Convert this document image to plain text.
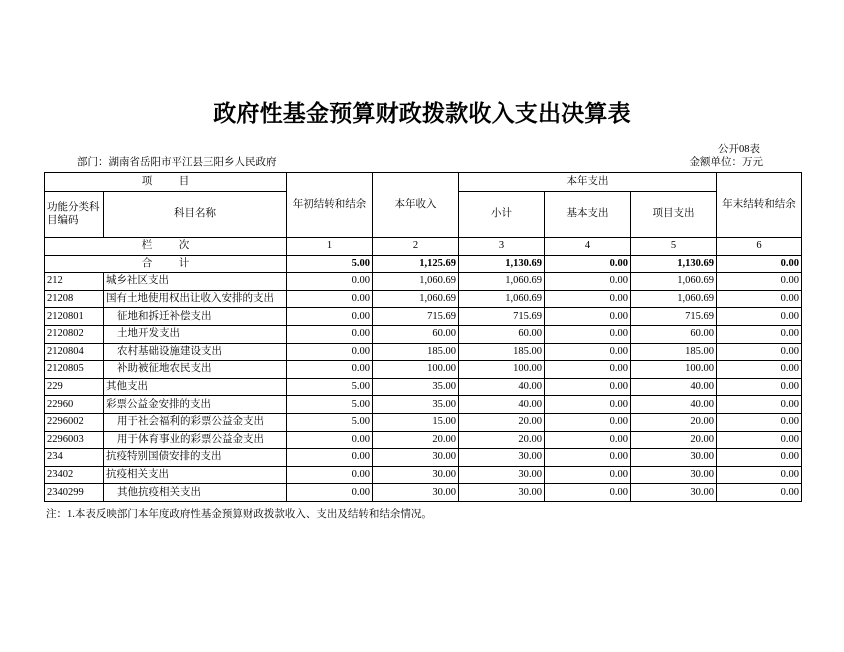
政府性基金预算财政拨款收入支出决算表
公开08表
部门：湖南省岳阳市平江县三阳乡人民政府	金额单位：万元
项 目		年初结转和结余	本年收入	本年支出			年末结转和结余
功能分类科目编码	科目名称			小计	基本支出	项目支出	
栏 次		1	2	3	4	5	6
合 计		5.00	1,125.69	1,130.69	0.00	1,130.69	0.00
212	城乡社区支出	0.00	1,060.69	1,060.69	0.00	1,060.69	0.00
21208	国有土地使用权出让收入安排的支出	0.00	1,060.69	1,060.69	0.00	1,060.69	0.00
2120801	征地和拆迁补偿支出	0.00	715.69	715.69	0.00	715.69	0.00
2120802	土地开发支出	0.00	60.00	60.00	0.00	60.00	0.00
2120804	农村基础设施建设支出	0.00	185.00	185.00	0.00	185.00	0.00
2120805	补助被征地农民支出	0.00	100.00	100.00	0.00	100.00	0.00
229	其他支出	5.00	35.00	40.00	0.00	40.00	0.00
22960	彩票公益金安排的支出	5.00	35.00	40.00	0.00	40.00	0.00
2296002	用于社会福利的彩票公益金支出	5.00	15.00	20.00	0.00	20.00	0.00
2296003	用于体育事业的彩票公益金支出	0.00	20.00	20.00	0.00	20.00	0.00
234	抗疫特别国债安排的支出	0.00	30.00	30.00	0.00	30.00	0.00
23402	抗疫相关支出	0.00	30.00	30.00	0.00	30.00	0.00
2340299	其他抗疫相关支出	0.00	30.00	30.00	0.00	30.00	0.00
注：1.本表反映部门本年度政府性基金预算财政拨款收入、支出及结转和结余情况。
